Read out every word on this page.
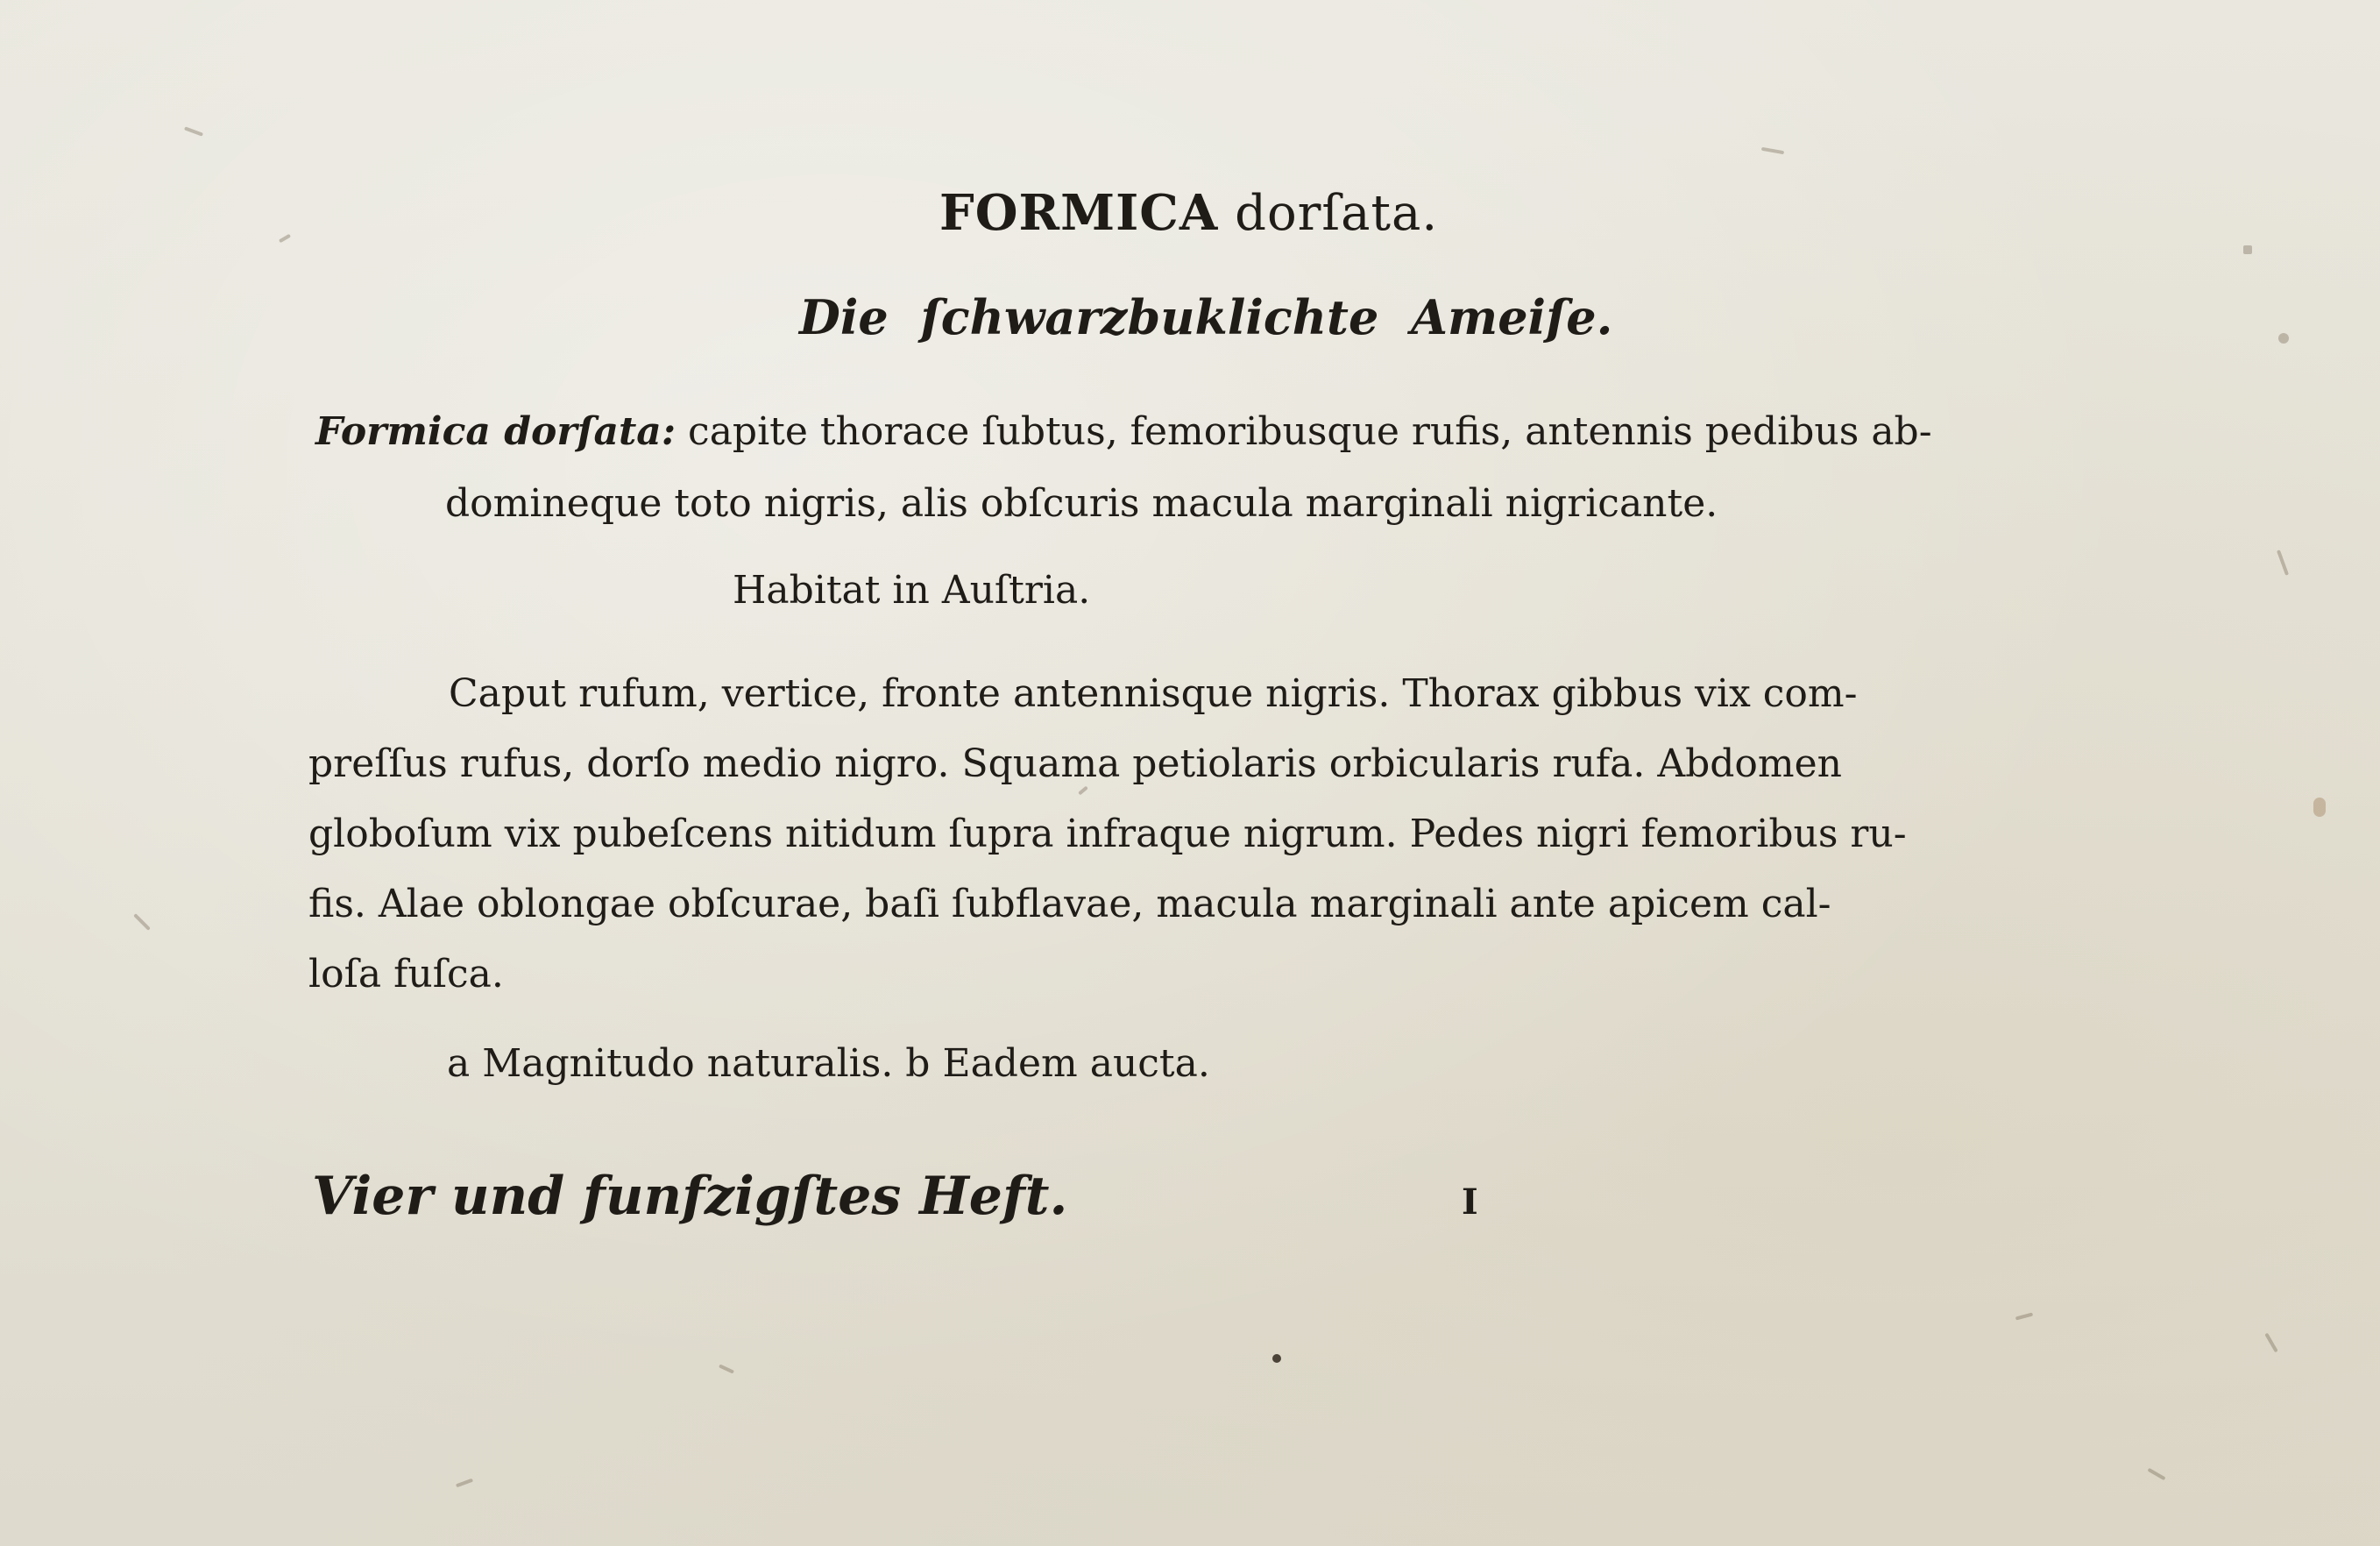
FORMICA dorſata.
Die ſchwarzbuklichte Ameiſe.
Formica dorſata: capite thorace ſubtus, femoribusque rufis, antennis pedibus ab-
domineque toto nigris, alis obſcuris macula marginali nigricante.
Habitat in Auſtria.
Caput rufum, vertice, fronte antennisque nigris. Thorax gibbus vix com-
preſſus rufus, dorſo medio nigro. Squama petiolaris orbicularis rufa. Abdomen
globoſum vix pubeſcens nitidum ſupra infraque nigrum. Pedes nigri femoribus ru-
fis. Alae oblongae obſcurae, baſi ſubflavae, macula marginali ante apicem cal-
loſa fuſca.
a Magnitudo naturalis. b Eadem aucta.
Vier und funfzigſtes Heft.	I
